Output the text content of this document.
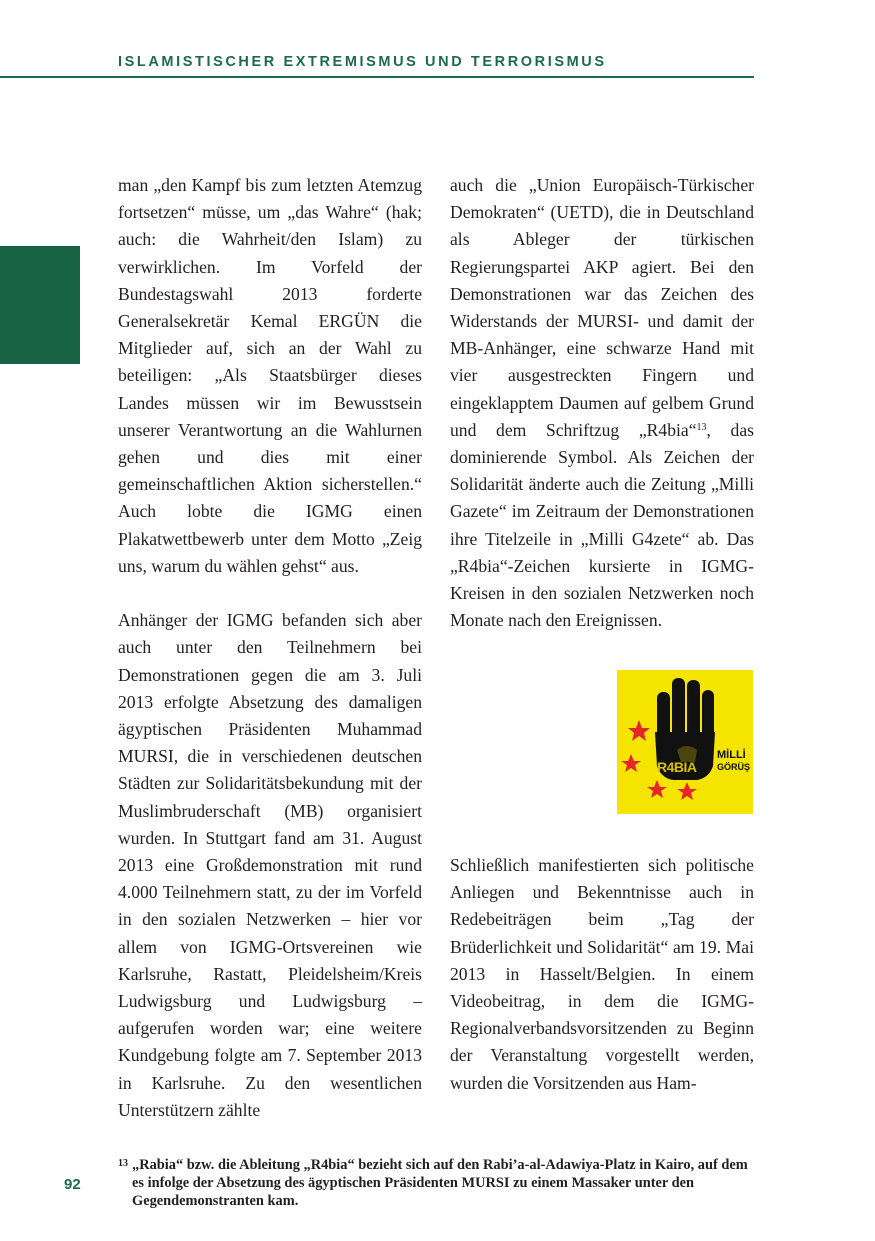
ISLAMISTISCHER EXTREMISMUS UND TERRORISMUS

man „den Kampf bis zum letzten Atemzug fortsetzen“ müsse, um „das Wahre“ (hak; auch: die Wahrheit/den Islam) zu verwirklichen. Im Vorfeld der Bundestagswahl 2013 forderte Generalsekretär Kemal ERGÜN die Mitglieder auf, sich an der Wahl zu beteiligen: „Als Staatsbürger dieses Landes müssen wir im Bewusstsein unserer Verantwortung an die Wahlurnen gehen und dies mit einer gemeinschaftlichen Aktion sicherstellen.“ Auch lobte die IGMG einen Plakatwettbewerb unter dem Motto „Zeig uns, warum du wählen gehst“ aus.

Anhänger der IGMG befanden sich aber auch unter den Teilnehmern bei Demonstrationen gegen die am 3. Juli 2013 erfolgte Absetzung des damaligen ägyptischen Präsidenten Muhammad MURSI, die in verschiedenen deutschen Städten zur Solidaritätsbekundung mit der Muslimbruderschaft (MB) organisiert wurden. In Stuttgart fand am 31. August 2013 eine Großdemonstration mit rund 4.000 Teilnehmern statt, zu der im Vorfeld in den sozialen Netzwerken – hier vor allem von IGMG-Ortsvereinen wie Karlsruhe, Rastatt, Pleidelsheim/Kreis Ludwigsburg und Ludwigsburg – aufgerufen worden war; eine weitere Kundgebung folgte am 7. September 2013 in Karlsruhe. Zu den wesentlichen Unterstützern zählte

auch die „Union Europäisch-Türkischer Demokraten“ (UETD), die in Deutschland als Ableger der türkischen Regierungspartei AKP agiert. Bei den Demonstrationen war das Zeichen des Widerstands der MURSI- und damit der MB-Anhänger, eine schwarze Hand mit vier ausgestreckten Fingern und eingeklapptem Daumen auf gelbem Grund und dem Schriftzug „R4bia“$^{13}$, das dominierende Symbol. Als Zeichen der Solidarität änderte auch die Zeitung „Milli Gazete“ im Zeitraum der Demonstrationen ihre Titelzeile in „Milli G4zete“ ab. Das „R4bia“-Zeichen kursierte in IGMG-Kreisen in den sozialen Netzwerken noch Monate nach den Ereignissen.

R4BIA
MİLLİ
GÖRÜŞ

Schließlich manifestierten sich politische Anliegen und Bekenntnisse auch in Redebeiträgen beim „Tag der Brüderlichkeit und Solidarität“ am 19. Mai 2013 in Hasselt/Belgien. In einem Videobeitrag, in dem die IGMG-Regionalverbandsvorsitzenden zu Beginn der Veranstaltung vorgestellt werden, wurden die Vorsitzenden aus Ham-

13 „Rabia“ bzw. die Ableitung „R4bia“ bezieht sich auf den Rabi’a-al-Adawiya-Platz in Kairo, auf dem es infolge der Absetzung des ägyptischen Präsidenten MURSI zu einem Massaker unter den Gegendemonstranten kam.
92
